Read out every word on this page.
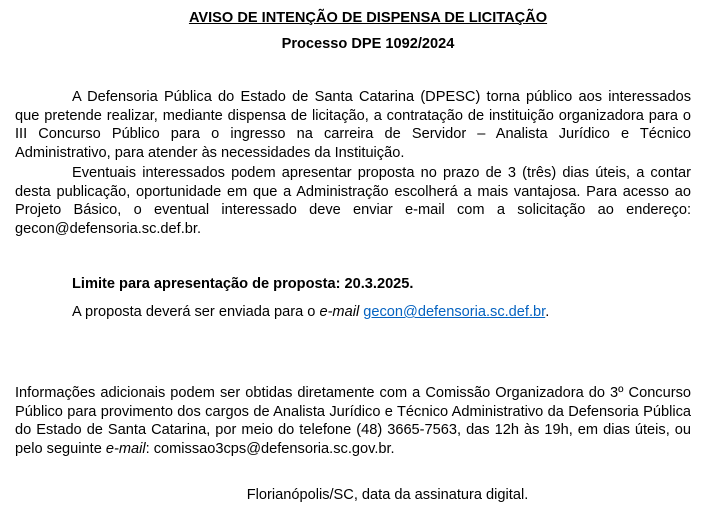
AVISO DE INTENÇÃO DE DISPENSA DE LICITAÇÃO
Processo DPE 1092/2024

A Defensoria Pública do Estado de Santa Catarina (DPESC) torna público aos interessados que pretende realizar, mediante dispensa de licitação, a contratação de instituição organizadora para o III Concurso Público para o ingresso na carreira de Servidor – Analista Jurídico e Técnico Administrativo, para atender às necessidades da Instituição.

Eventuais interessados podem apresentar proposta no prazo de 3 (três) dias úteis, a contar desta publicação, oportunidade em que a Administração escolherá a mais vantajosa. Para acesso ao Projeto Básico, o eventual interessado deve enviar e-mail com a solicitação ao endereço: gecon@defensoria.sc.def.br.

Limite para apresentação de proposta: 20.3.2025.
A proposta deverá ser enviada para o e-mail gecon@defensoria.sc.def.br.

Informações adicionais podem ser obtidas diretamente com a Comissão Organizadora do 3º Concurso Público para provimento dos cargos de Analista Jurídico e Técnico Administrativo da Defensoria Pública do Estado de Santa Catarina, por meio do telefone (48) 3665-7563, das 12h às 19h, em dias úteis, ou pelo seguinte e-mail: comissao3cps@defensoria.sc.gov.br.

Florianópolis/SC, data da assinatura digital.
